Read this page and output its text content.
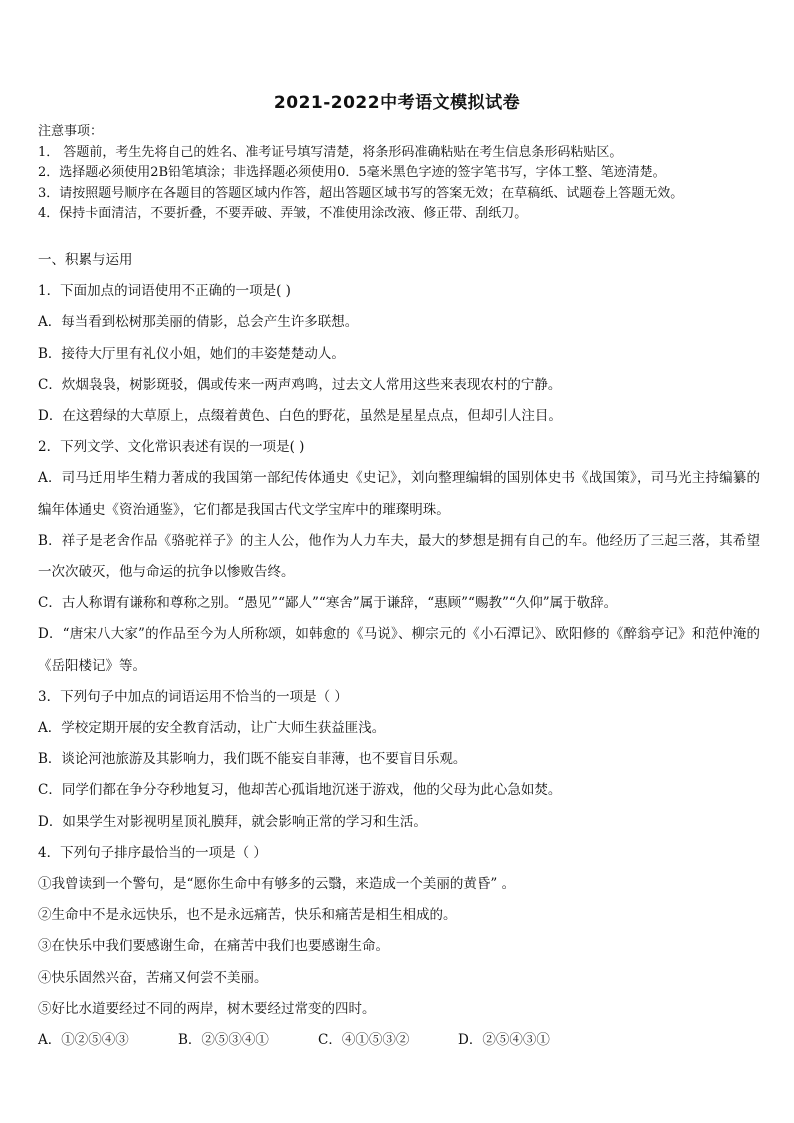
2021-2022中考语文模拟试卷
注意事项：
1． 答题前，考生先将自己的姓名、准考证号填写清楚，将条形码准确粘贴在考生信息条形码粘贴区。
2．选择题必须使用2B铅笔填涂；非选择题必须使用0．5毫米黑色字迹的签字笔书写，字体工整、笔迹清楚。
3．请按照题号顺序在各题目的答题区域内作答，超出答题区域书写的答案无效；在草稿纸、试题卷上答题无效。
4．保持卡面清洁，不要折叠，不要弄破、弄皱，不准使用涂改液、修正带、刮纸刀。
一、积累与运用
1．下面加点的词语使用不正确的一项是( )
A．每当看到松树那美丽的倩影，总会产生许多联想。
B．接待大厅里有礼仪小姐，她们的丰姿楚楚动人。
C．炊烟袅袅，树影斑驳，偶或传来一两声鸡鸣，过去文人常用这些来表现农村的宁静。
D．在这碧绿的大草原上，点缀着黄色、白色的野花，虽然是星星点点，但却引人注目。
2．下列文学、文化常识表述有误的一项是( )
A．司马迁用毕生精力著成的我国第一部纪传体通史《史记》，刘向整理编辑的国别体史书《战国策》，司马光主持编纂的编年体通史《资治通鉴》，它们都是我国古代文学宝库中的璀璨明珠。
B．祥子是老舍作品《骆驼祥子》的主人公，他作为人力车夫，最大的梦想是拥有自己的车。他经历了三起三落，其希望一次次破灭，他与命运的抗争以惨败告终。
C．古人称谓有谦称和尊称之别。“愚见”“鄙人”“寒舍”属于谦辞，“惠顾”“赐教”“久仰”属于敬辞。
D．“唐宋八大家”的作品至今为人所称颂，如韩愈的《马说》、柳宗元的《小石潭记》、欧阳修的《醉翁亭记》和范仲淹的《岳阳楼记》等。
3．下列句子中加点的词语运用不恰当的一项是（ ）
A．学校定期开展的安全教育活动，让广大师生获益匪浅。
B．谈论河池旅游及其影响力，我们既不能妄自菲薄，也不要盲目乐观。
C．同学们都在争分夺秒地复习，他却苦心孤诣地沉迷于游戏，他的父母为此心急如焚。
D．如果学生对影视明星顶礼膜拜，就会影响正常的学习和生活。
4．下列句子排序最恰当的一项是（ ）
①我曾读到一个警句，是“愿你生命中有够多的云翳，来造成一个美丽的黄昏” 。
②生命中不是永远快乐，也不是永远痛苦，快乐和痛苦是相生相成的。
③在快乐中我们要感谢生命，在痛苦中我们也要感谢生命。
④快乐固然兴奋，苦痛又何尝不美丽。
⑤好比水道要经过不同的两岸，树木要经过常变的四时。
A．①②⑤④③	B．②⑤③④①	C．④①⑤③②	D．②⑤④③①
